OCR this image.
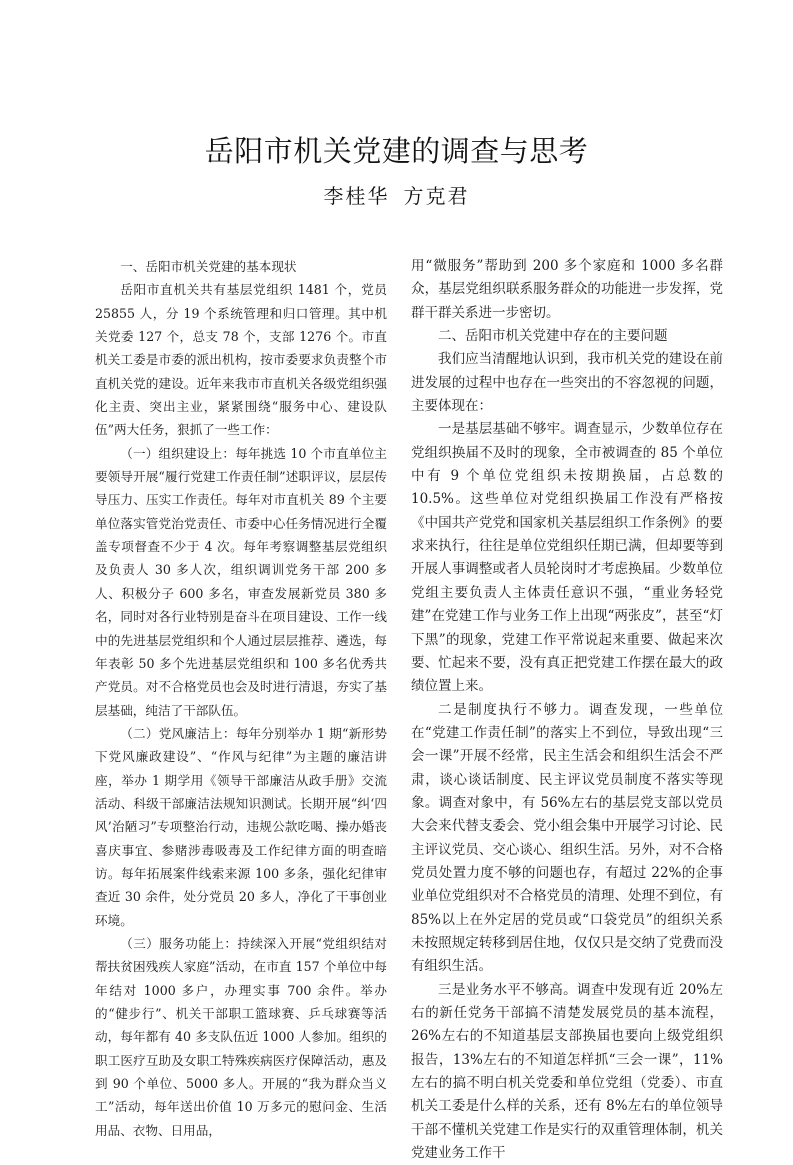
岳阳市机关党建的调查与思考
李桂华 方克君

一、岳阳市机关党建的基本现状

岳阳市直机关共有基层党组织 1481 个，党员 25855 人，分 19 个系统管理和归口管理。其中机关党委 127 个，总支 78 个，支部 1276 个。市直机关工委是市委的派出机构，按市委要求负责整个市直机关党的建设。近年来我市市直机关各级党组织强化主责、突出主业，紧紧围绕“服务中心、建设队伍”两大任务，狠抓了一些工作：

（一）组织建设上：每年挑选 10 个市直单位主要领导开展“履行党建工作责任制”述职评议，层层传导压力、压实工作责任。每年对市直机关 89 个主要单位落实管党治党责任、市委中心任务情况进行全覆盖专项督查不少于 4 次。每年考察调整基层党组织及负责人 30 多人次，组织调训党务干部 200 多人、积极分子 600 多名，审查发展新党员 380 多名，同时对各行业特别是奋斗在项目建设、工作一线中的先进基层党组织和个人通过层层推荐、遴选，每年表彰 50 多个先进基层党组织和 100 多名优秀共产党员。对不合格党员也会及时进行清退，夯实了基层基础，纯洁了干部队伍。

（二）党风廉洁上：每年分别举办 1 期“新形势下党风廉政建设”、“作风与纪律”为主题的廉洁讲座，举办 1 期学用《领导干部廉洁从政手册》交流活动、科级干部廉洁法规知识测试。长期开展“纠‘四风’治陋习”专项整治行动，违规公款吃喝、操办婚丧喜庆事宜、参赌涉毒吸毒及工作纪律方面的明查暗访。每年拓展案件线索来源 100 多条，强化纪律审查近 30 余件，处分党员 20 多人，净化了干事创业环境。

（三）服务功能上：持续深入开展“党组织结对帮扶贫困残疾人家庭”活动，在市直 157 个单位中每年结对 1000 多户，办理实事 700 余件。举办的“健步行”、机关干部职工篮球赛、乒乓球赛等活动，每年都有 40 多支队伍近 1000 人参加。组织的职工医疗互助及女职工特殊疾病医疗保障活动，惠及到 90 个单位、5000 多人。开展的“我为群众当义工”活动，每年送出价值 10 万多元的慰问金、生活用品、衣物、日用品，

用“微服务”帮助到 200 多个家庭和 1000 多名群众，基层党组织联系服务群众的功能进一步发挥，党群干群关系进一步密切。

二、岳阳市机关党建中存在的主要问题

我们应当清醒地认识到，我市机关党的建设在前进发展的过程中也存在一些突出的不容忽视的问题，主要体现在：

一是基层基础不够牢。调查显示，少数单位存在党组织换届不及时的现象，全市被调查的 85 个单位中有 9 个单位党组织未按期换届，占总数的 10.5%。这些单位对党组织换届工作没有严格按《中国共产党党和国家机关基层组织工作条例》的要求来执行，往往是单位党组织任期已满，但却要等到开展人事调整或者人员轮岗时才考虑换届。少数单位党组主要负责人主体责任意识不强，“重业务轻党建”在党建工作与业务工作上出现“两张皮”，甚至“灯下黑”的现象，党建工作平常说起来重要、做起来次要、忙起来不要，没有真正把党建工作摆在最大的政绩位置上来。

二是制度执行不够力。调查发现，一些单位在“党建工作责任制”的落实上不到位，导致出现“三会一课”开展不经常，民主生活会和组织生活会不严肃，谈心谈话制度、民主评议党员制度不落实等现象。调查对象中，有 56%左右的基层党支部以党员大会来代替支委会、党小组会集中开展学习讨论、民主评议党员、交心谈心、组织生活。另外，对不合格党员处置力度不够的问题也存，有超过 22%的企事业单位党组织对不合格党员的清理、处理不到位，有 85%以上在外定居的党员或“口袋党员”的组织关系未按照规定转移到居住地，仅仅只是交纳了党费而没有组织生活。

三是业务水平不够高。调查中发现有近 20%左右的新任党务干部搞不清楚发展党员的基本流程，26%左右的不知道基层支部换届也要向上级党组织报告，13%左右的不知道怎样抓“三会一课”，11%左右的搞不明白机关党委和单位党组（党委）、市直机关工委是什么样的关系，还有 8%左右的单位领导干部不懂机关党建工作是实行的双重管理体制，机关党建业务工作干
